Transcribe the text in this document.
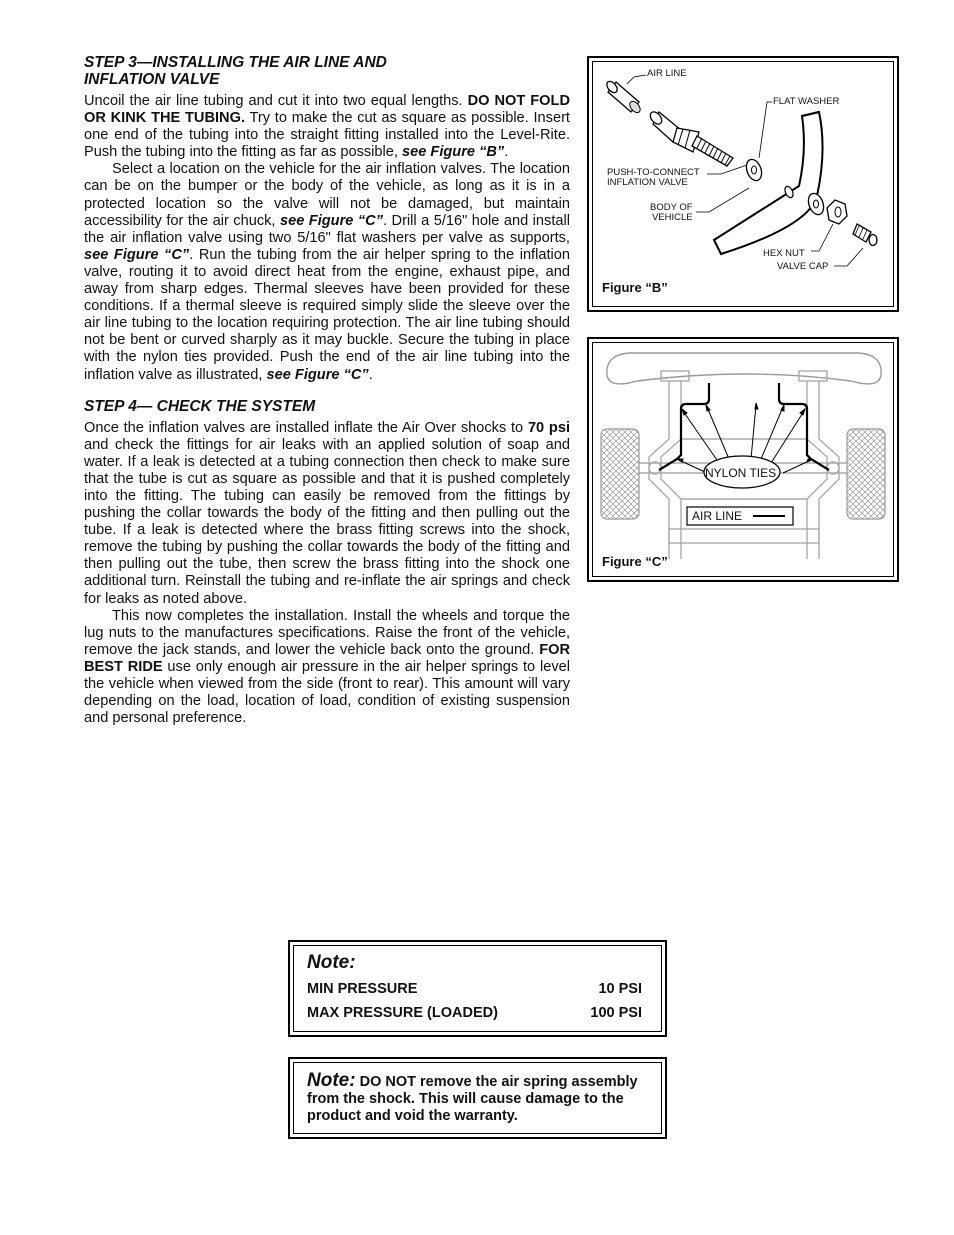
STEP 3—INSTALLING THE AIR LINE AND
INFLATION VALVE

Uncoil the air line tubing and cut it into two equal lengths. DO NOT FOLD OR KINK THE TUBING. Try to make the cut as square as possible. Insert one end of the tubing into the straight fitting installed into the Level-Rite. Push the tubing into the fitting as far as possible, see Figure “B”.

Select a location on the vehicle for the air inflation valves. The location can be on the bumper or the body of the vehicle, as long as it is in a protected location so the valve will not be damaged, but maintain accessibility for the air chuck, see Figure “C”. Drill a 5/16" hole and install the air inflation valve using two 5/16" flat washers per valve as supports, see Figure “C”. Run the tubing from the air helper spring to the inflation valve, routing it to avoid direct heat from the engine, exhaust pipe, and away from sharp edges. Thermal sleeves have been provided for these conditions. If a thermal sleeve is required simply slide the sleeve over the air line tubing to the location requiring protection. The air line tubing should not be bent or curved sharply as it may buckle. Secure the tubing in place with the nylon ties provided. Push the end of the air line tubing into the inflation valve as illustrated, see Figure “C”.

STEP 4— CHECK THE SYSTEM

Once the inflation valves are installed inflate the Air Over shocks to 70 psi and check the fittings for air leaks with an applied solution of soap and water. If a leak is detected at a tubing connection then check to make sure that the tube is cut as square as possible and that it is pushed completely into the fitting. The tubing can easily be removed from the fittings by pushing the collar towards the body of the fitting and then pulling out the tube. If a leak is detected where the brass fitting screws into the shock, remove the tubing by pushing the collar towards the body of the fitting and then pulling out the tube, then screw the brass fitting into the shock one additional turn. Reinstall the tubing and re-inflate the air springs and check for leaks as noted above.

This now completes the installation. Install the wheels and torque the lug nuts to the manufactures specifications. Raise the front of the vehicle, remove the jack stands, and lower the vehicle back onto the ground. FOR BEST RIDE use only enough air pressure in the air helper springs to level the vehicle when viewed from the side (front to rear). This amount will vary depending on the load, location of load, condition of existing suspension and personal preference.

AIR LINE
FLAT WASHER
PUSH-TO-CONNECT
INFLATION VALVE
BODY OF
VEHICLE
HEX NUT
VALVE CAP
Figure “B”
NYLON TIES
AIR LINE
Figure “C”
Note:
MIN PRESSURE	10 PSI
MAX PRESSURE (LOADED)	100 PSI
Note: DO NOT remove the air spring assembly from the shock. This will cause damage to the product and void the warranty.
